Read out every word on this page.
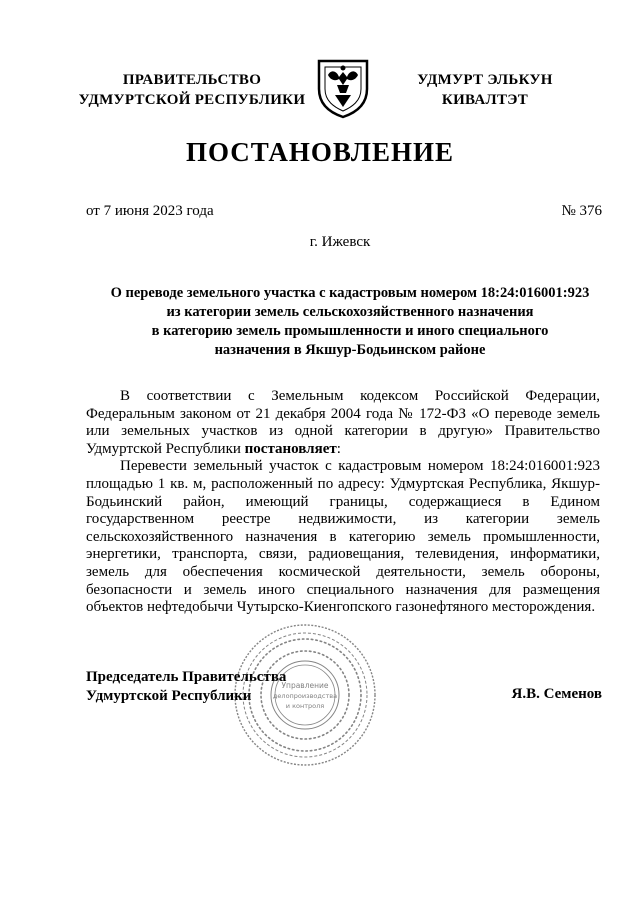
ПРАВИТЕЛЬСТВО
УДМУРТСКОЙ РЕСПУБЛИКИ
УДМУРТ ЭЛЬКУН
КИВАЛТЭТ
ПОСТАНОВЛЕНИЕ
от 7 июня 2023 года	№ 376
г. Ижевск
О переводе земельного участка с кадастровым номером 18:24:016001:923
из категории земель сельскохозяйственного назначения
в категорию земель промышленности и иного специального
назначения в Якшур-Бодьинском районе
В соответствии с Земельным кодексом Российской Федерации,
Федеральным законом от 21 декабря 2004 года № 172-ФЗ «О переводе земель
или земельных участков из одной категории в другую» Правительство
Удмуртской Республики постановляет:
Перевести земельный участок с кадастровым номером 18:24:016001:923
площадью 1 кв. м, расположенный по адресу: Удмуртская Республика, Якшур-
Бодьинский район, имеющий границы, содержащиеся в Едином
государственном реестре недвижимости, из категории земель
сельскохозяйственного назначения в категорию земель промышленности,
энергетики, транспорта, связи, радиовещания, телевидения, информатики,
земель для обеспечения космической деятельности, земель обороны,
безопасности и земель иного специального назначения для размещения
объектов нефтедобычи Чутырско-Киенгопского газонефтяного месторождения.
Председатель Правительства
Удмуртской Республики	Я.В. Семенов
Управление
делопроизводства
и контроля
